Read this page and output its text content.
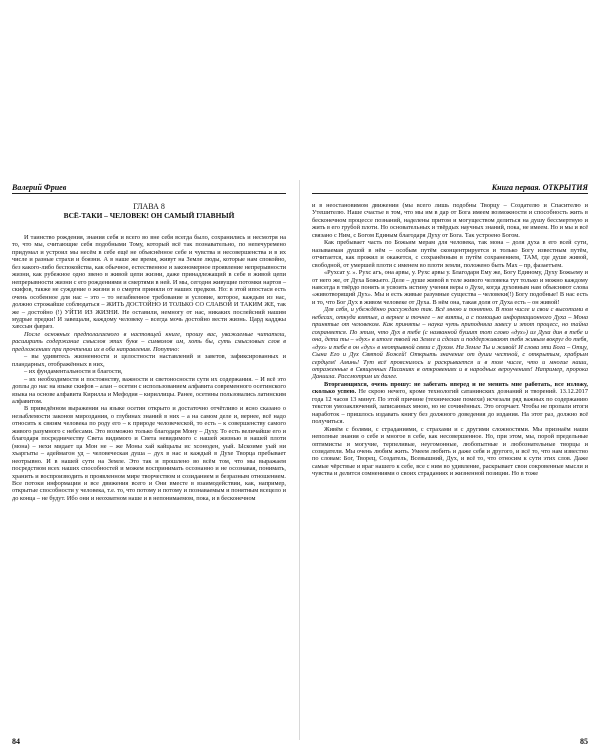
Валерий Фриев
ГЛАВА 8
ВСЁ-ТАКИ – ЧЕЛОВЕК! ОН САМЫЙ ГЛАВНЫЙ

И таинство рождения, знания себя и всего во вне себя всегда было, сохранились и несмотря на то, что мы, считающие себя подобными Тому, который всё так познавательно, по непечуремено придумал и устроил мы несём в себе ещё не объяснённое себе и чувства и несовершенства и в их числе и разные страхи и боязни. А в наше же время, живут на Земле люды, которые нам спокойно, без какого-либо беспокойства, как обычное, естественное и закономерное проявление непрерывности жизни, как рубежное одно звено в живой цепи жизни, даже принадлежащий в себе в живой цепи непрерывности жизни с его рождениями и смертями в ней. И мы, сегодня живущие потомки нартов – скифов, также не суждение о жизни и о смерти приняли от наших предков. Но: в этой ипостаси есть очень особенное для нас – это – то незабвенное требование и условие, которое, каждым из нас, должно строжайше соблюдаться – ЖИТЬ ДОСТОЙНО И ТОЛЬКО СО СЛАВОЙ И ТАКИМ ЖЕ, так же – достойно (!) УЙТИ ИЗ ЖИЗНИ. Не оставили, немногу от нас, никаких послейсний нашим мудрые предки! И завещали, каждому человеку – всегда мочь достойно вести жизнь. Цард кадджы хæссын фæрæз.

После основных предполагаемого в настоящей книге, прошу вас, уважаемые читатели, расширить содержание смыслов этих букв – символов им, хоть бы, суть смысловых слов в предложениях при прочтении их в оба направления. Попутно:

– вы удивитесь жизненности и целостности наставлений и заветов, зафиксированных и пландарных, отображённых в них,

– их фундаментальности и благости,

– их необходимости и постоянству, важности и светоносности сути их содержания. – И всё это доплы до нас на языке скифов – алан – осетин с использованием алфавита современного осетинского языка на основе алфавита Кирилла и Мефодия – кириллицы. Ранее, осетины пользовались латинским алфавитом.

В приведённом выражении на языке осетин открыто и достаточно отчётливо и ясно сказано о незыблемости законов мироздания, о глубинах знаний в них – а на самом деле и, вернее, всё надо относить к связям человека по роду его – к природе человеческой, то есть – к совершенству самого живого разумного с небесами. Это возможно только благодаря Мону – Духу. То есть величайше его и благодаря посредничеству Света видимого и Света невидимого с нашей жизнью в нашей плоти (мона) – нехи мидает ца Мон нe – же Моны хай кайцылы ис хсоноден, уый. Ыскоиме уый ни хъаргыты – адеймагон уд – человеческая душа – дух в нас и каждый в Духе Творца пребывает неотрывно. И в нашей сути на Земле. Это так и прошлено во всём том, что мы выражаем посредством всех наших способностей и можем воспринимать осознанно и не осознавая, понимать, хранить и воспроизводить в проявленном мире творчеством и созиданием и безразным отношением. Все потоки информации и все движения всего и Они вместе в взаимодействии, как, например, открытые способности у человека, т.е. то, что потому и потому и познаваемым и понятным всецело и до конца – не будут. Ибо они и неохватном наше и в непонимаемом, пока, и в бесконечном

84
Книга первая. ОТКРЫТИЯ

и в неостановимом движении (мы всего лишь подобны Творцу – Создателю и Спасителю и Утешителю. Наше счастье в том, что мы им в дар от Бога имеем возможности и способность жить в бесконечном процессе познаний, наделены притом и могуществом делиться на душу бессмертную и жить в его грубой плоти. Но основательных и твёрдых научных знаний, пока, не имеем. Но и мы и всё связано с Ним, с Богом Единым благодаря Духу от Бога. Так устроено Богом.

Как пребывает часть по Божьим мерам для человека, так мона – доля духа в его всей сути, называемая душой в нём – особым путём сконцентрируется и только Богу известным путём, отчитается, как прожил и окажется, с сохранённым в путём сохранением, ТАМ, где душе живой, свободной, от умершей плоти с именем во плоти земли, положено быть Мах – пр, фазаетъем.

«Рухсат у. ». Рухс агъ, она арвы, у. Рухс арвы у. Благодаря Ему же, Богу Единому, Духу Божьему и от него же, от Духа Божьего. Деле – душе живой в теле живого человека тут только и можно каждому навсегда в твёрдо понять и усвоить истину учения веры о Духе, когда духовным нам объясняют слова «животворящий Дух». Мы и есть живые разумные существа – человеки(!) Богу подобные! В нас есть и то, что Бог Дух в живом человеке от Духа. В нём она, такая доля от Духа есть – он живой!

Для себя, и убеждённо рассуждаю так. Всё мною и понятно. В том числе и свои с высотами в небесах, откуда взятые, а вернее и точнее – не взяты, а с помощью информационного Духа – Мона принятые от человеком. Как приняты – наука чуть приподняла завесу и этот процесс, но тайна сохраняется. По этим, что Дух в тебе (с названной бушит тот слово «дух») из Духа дин в тебе и она, дети ты – «дух» в итоге твоей на Земле и сделах и поддерживают тебя живым вокруг до тебя, «дух» и тебе в он «дух» в неотрывной связи с Духом. На Земле Ты и живой! И слова эти Бога – Отцу, Сына Его и Дух Святой Божей! Открыть значение от души честной, с открытым, храбрым сердцем! Аминь! Тут всё прояснилось и раскрывается и в том числе, что и многие наши, отраженные в Священных Писаниях в откровениях и в народных вероучениях! Например, пророка Даниила. Рассмотрим их далее.

Вторгающихся, очень прошу: не забегать вперед и не менять мне работать, все изложу, сколько успею. Не скрою нечего, кроме технологий сатанинских дознаний и творений. 13.12.2017 года 12 часов 13 минут. По этой причине (технические помехи) исчезали ряд важных по содержанию текстов умозаключений, записанных мною, но не сочинённых. Это огорчает. Чтобы не пропали итоги наработок – пришлось издавать книгу без должного доведения до издания. На этот раз, должно всё получиться.

Живём с болями, с страданиями, с страхами и с другими сложностями. Мы признаём наши неполные знания о себе и многое в себе, как несовершенное. Но, при этом, мы, порой предельные оптимисты и могучие, терпеливые, неугомонные, любопытные и любознательные творцы и созидатели. Мы очень любим жить. Умеем любить и даже себя и другого, и всё то, что нам известно по словам: Бог, Творец, Создатель, Всевышний, Дух, и всё то, что относим к сути этих слов. Даже самые чёрствые и враг нашего к себе, все с ним во удивление, раскрывает свои сокровенные мысли и чувства и делится сомнениями о своих страданиях и жизненной позиции. Но в тоже

85
